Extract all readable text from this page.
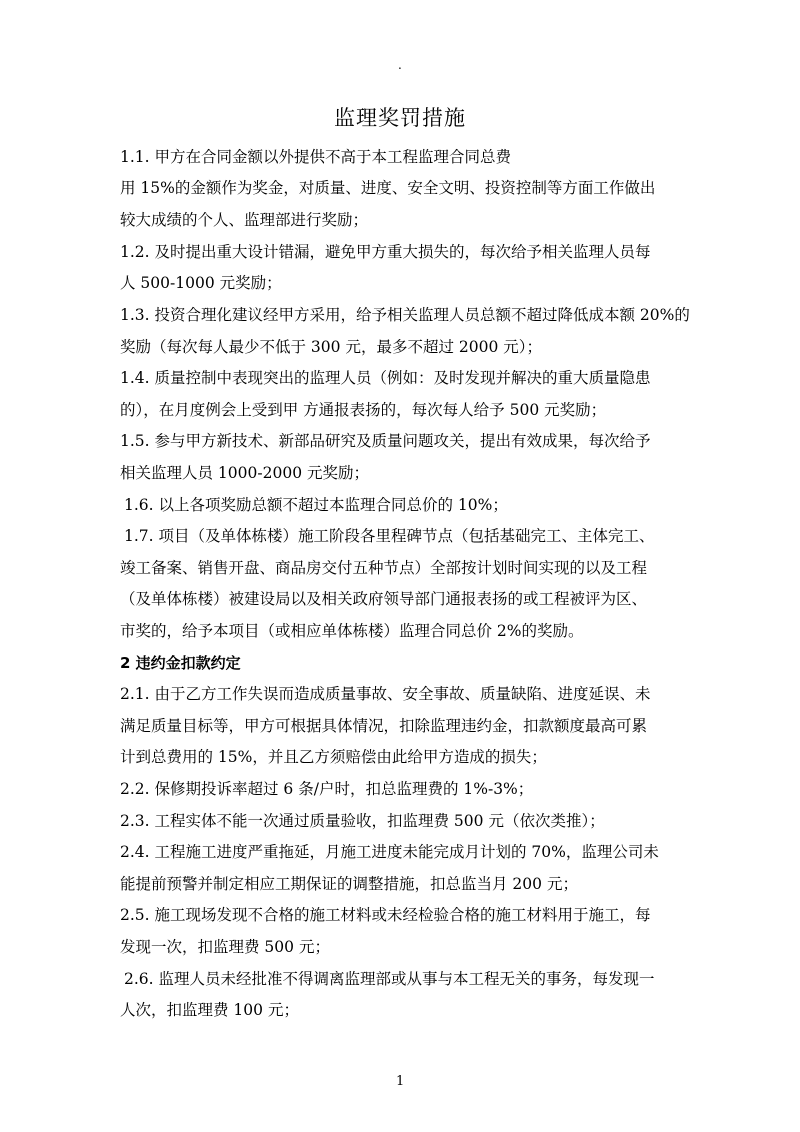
.
监理奖罚措施
1.1. 甲方在合同金额以外提供不高于本工程监理合同总费
用 15%的金额作为奖金，对质量、进度、安全文明、投资控制等方面工作做出
较大成绩的个人、监理部进行奖励；
1.2. 及时提出重大设计错漏，避免甲方重大损失的，每次给予相关监理人员每
人 500-1000 元奖励；
1.3. 投资合理化建议经甲方采用，给予相关监理人员总额不超过降低成本额 20%的
奖励（每次每人最少不低于 300 元，最多不超过 2000 元）；
1.4. 质量控制中表现突出的监理人员（例如：及时发现并解决的重大质量隐患
的），在月度例会上受到甲 方通报表扬的，每次每人给予 500 元奖励；
1.5. 参与甲方新技术、新部品研究及质量问题攻关，提出有效成果，每次给予
相关监理人员 1000-2000 元奖励；
1.6. 以上各项奖励总额不超过本监理合同总价的 10%；
1.7. 项目（及单体栋楼）施工阶段各里程碑节点（包括基础完工、主体完工、
竣工备案、销售开盘、商品房交付五种节点）全部按计划时间实现的以及工程
（及单体栋楼）被建设局以及相关政府领导部门通报表扬的或工程被评为区、
市奖的，给予本项目（或相应单体栋楼）监理合同总价 2%的奖励。
2 违约金扣款约定
2.1. 由于乙方工作失误而造成质量事故、安全事故、质量缺陷、进度延误、未
满足质量目标等，甲方可根据具体情况，扣除监理违约金，扣款额度最高可累
计到总费用的 15%，并且乙方须赔偿由此给甲方造成的损失；
2.2. 保修期投诉率超过 6 条/户时，扣总监理费的 1%-3%；
2.3. 工程实体不能一次通过质量验收，扣监理费 500 元（依次类推）；
2.4. 工程施工进度严重拖延，月施工进度未能完成月计划的 70%，监理公司未
能提前预警并制定相应工期保证的调整措施，扣总监当月 200 元；
2.5. 施工现场发现不合格的施工材料或未经检验合格的施工材料用于施工，每
发现一次，扣监理费 500 元；
2.6. 监理人员未经批准不得调离监理部或从事与本工程无关的事务，每发现一
人次，扣监理费 100 元；
1
